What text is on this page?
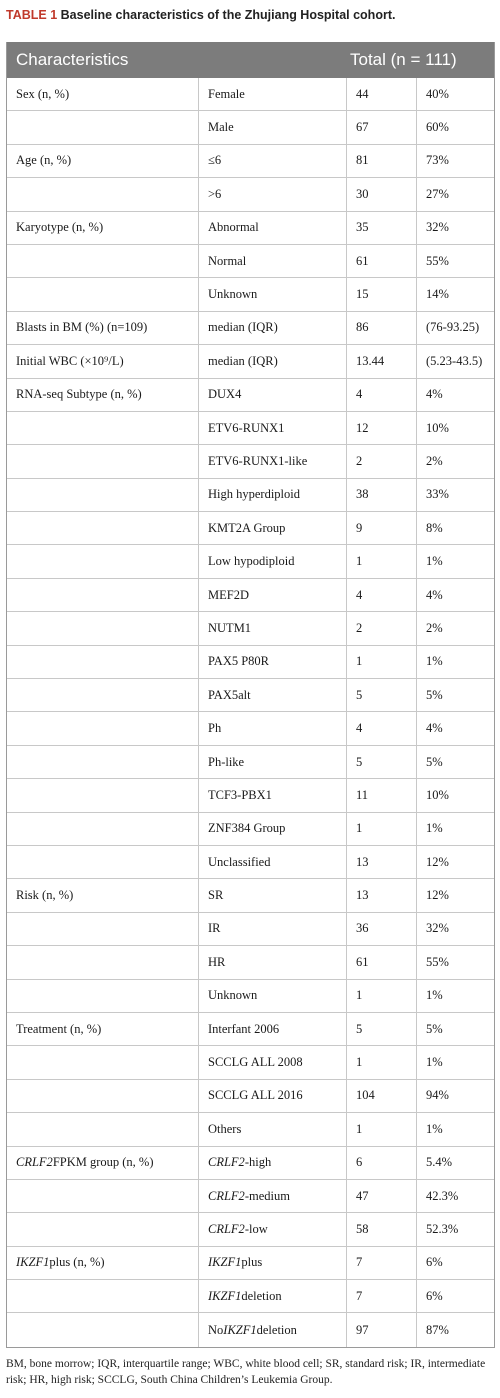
TABLE 1 Baseline characteristics of the Zhujiang Hospital cohort.
Characteristics	Total (n = 111)
Sex (n, %)	Female	44	40%
Male	67	60%
Age (n, %)	≤6	81	73%
>6	30	27%
Karyotype (n, %)	Abnormal	35	32%
Normal	61	55%
Unknown	15	14%
Blasts in BM (%) (n=109)	median (IQR)	86	(76-93.25)
Initial WBC (×10⁹/L)	median (IQR)	13.44	(5.23-43.5)
RNA-seq Subtype (n, %)	DUX4	4	4%
ETV6-RUNX1	12	10%
ETV6-RUNX1-like	2	2%
High hyperdiploid	38	33%
KMT2A Group	9	8%
Low hypodiploid	1	1%
MEF2D	4	4%
NUTM1	2	2%
PAX5 P80R	1	1%
PAX5alt	5	5%
Ph	4	4%
Ph-like	5	5%
TCF3-PBX1	11	10%
ZNF384 Group	1	1%
Unclassified	13	12%
Risk (n, %)	SR	13	12%
IR	36	32%
HR	61	55%
Unknown	1	1%
Treatment (n, %)	Interfant 2006	5	5%
SCCLG ALL 2008	1	1%
SCCLG ALL 2016	104	94%
Others	1	1%
CRLF2 FPKM group (n, %)	CRLF2 -high	6	5.4%
CRLF2 -medium	47	42.3%
CRLF2 -low	58	52.3%
IKZF1 plus (n, %)	IKZF1 plus	7	6%
IKZF1 deletion	7	6%
No IKZF1 deletion	97	87%
BM, bone morrow; IQR, interquartile range; WBC, white blood cell; SR, standard risk; IR, intermediate risk; HR, high risk; SCCLG, South China Children’s Leukemia Group.
